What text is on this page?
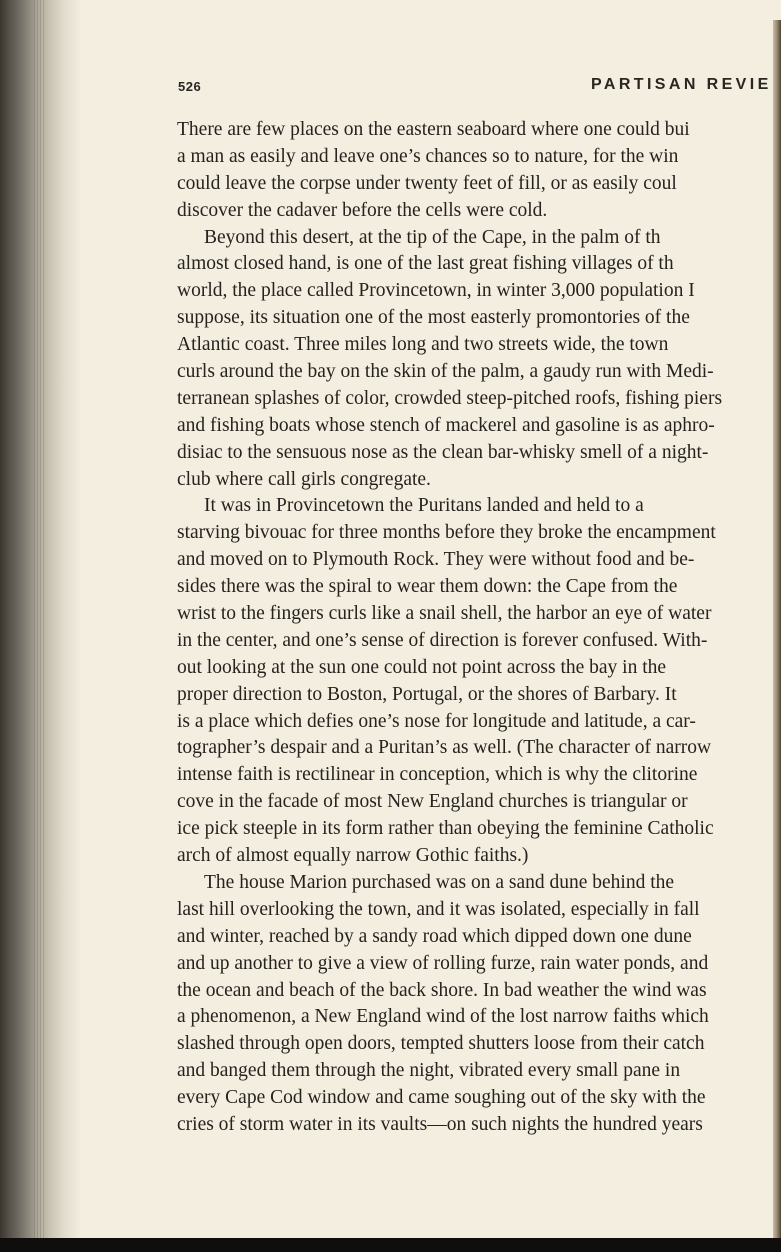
526	PARTISAN REVIE
There are few places on the eastern seaboard where one could bui
a man as easily and leave one’s chances so to nature, for the win
could leave the corpse under twenty feet of fill, or as easily coul
discover the cadaver before the cells were cold.
Beyond this desert, at the tip of the Cape, in the palm of th
almost closed hand, is one of the last great fishing villages of th
world, the place called Provincetown, in winter 3,000 population I
suppose, its situation one of the most easterly promontories of the
Atlantic coast. Three miles long and two streets wide, the town
curls around the bay on the skin of the palm, a gaudy run with Medi-
terranean splashes of color, crowded steep-pitched roofs, fishing piers
and fishing boats whose stench of mackerel and gasoline is as aphro-
disiac to the sensuous nose as the clean bar-whisky smell of a night-
club where call girls congregate.
It was in Provincetown the Puritans landed and held to a
starving bivouac for three months before they broke the encampment
and moved on to Plymouth Rock. They were without food and be-
sides there was the spiral to wear them down: the Cape from the
wrist to the fingers curls like a snail shell, the harbor an eye of water
in the center, and one’s sense of direction is forever confused. With-
out looking at the sun one could not point across the bay in the
proper direction to Boston, Portugal, or the shores of Barbary. It
is a place which defies one’s nose for longitude and latitude, a car-
tographer’s despair and a Puritan’s as well. (The character of narrow
intense faith is rectilinear in conception, which is why the clitorine
cove in the facade of most New England churches is triangular or
ice pick steeple in its form rather than obeying the feminine Catholic
arch of almost equally narrow Gothic faiths.)
The house Marion purchased was on a sand dune behind the
last hill overlooking the town, and it was isolated, especially in fall
and winter, reached by a sandy road which dipped down one dune
and up another to give a view of rolling furze, rain water ponds, and
the ocean and beach of the back shore. In bad weather the wind was
a phenomenon, a New England wind of the lost narrow faiths which
slashed through open doors, tempted shutters loose from their catch
and banged them through the night, vibrated every small pane in
every Cape Cod window and came soughing out of the sky with the
cries of storm water in its vaults—on such nights the hundred years
